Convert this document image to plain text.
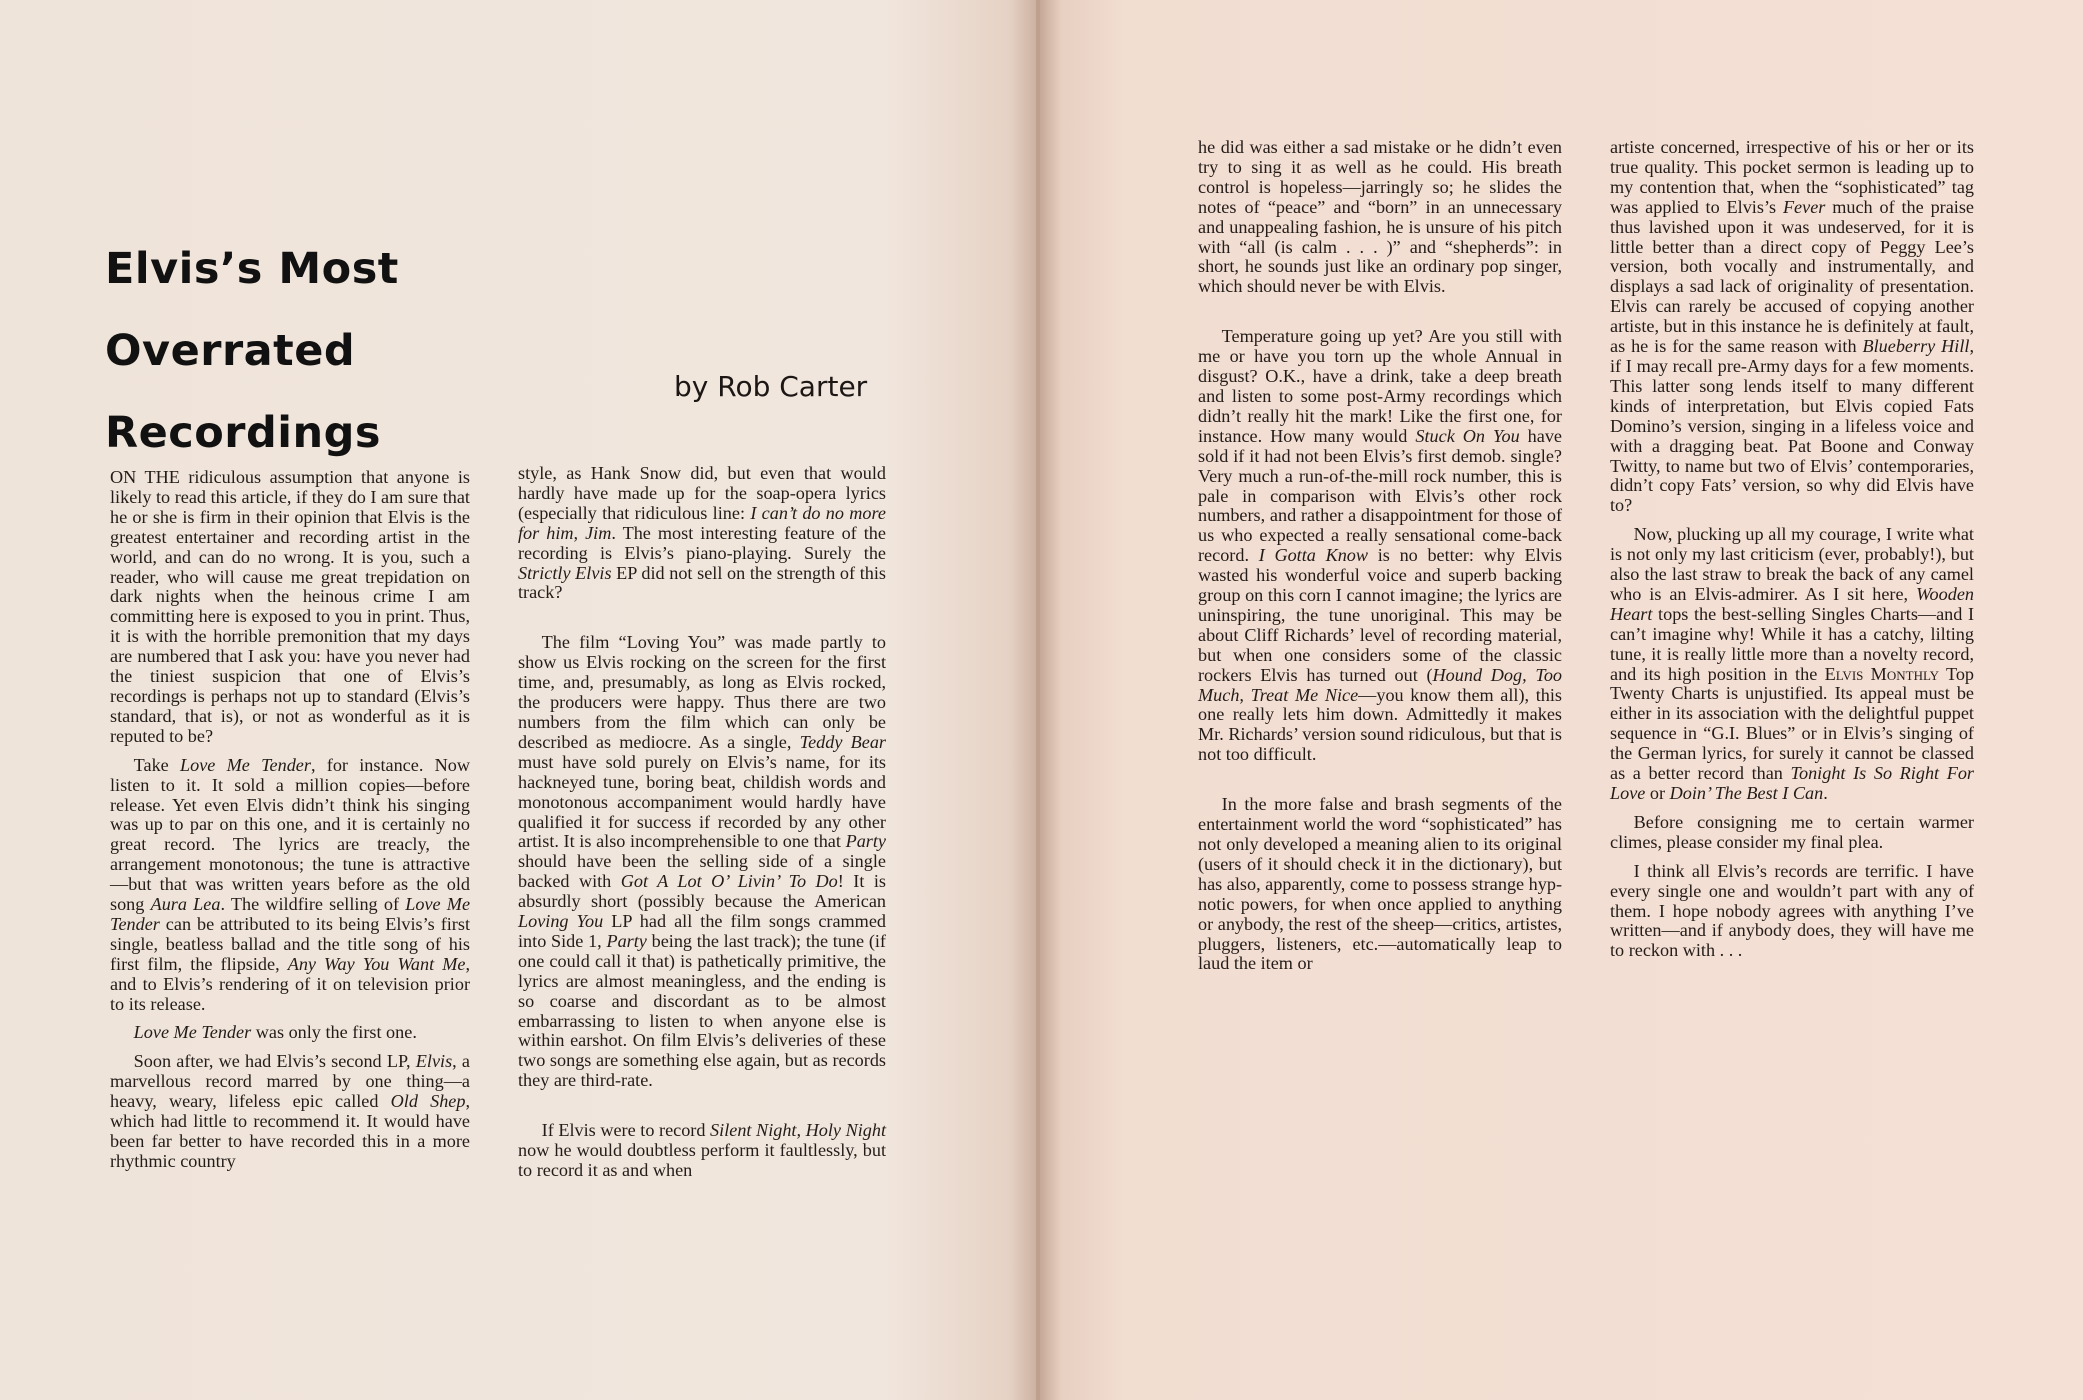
Elvis’s Most
Overrated
Recordings
by Rob Carter

ON THE ridiculous assumption that anyone is likely to read this article, if they do I am sure that he or she is firm in their opinion that Elvis is the greatest entertainer and recording artist in the world, and can do no wrong. It is you, such a reader, who will cause me great trepidation on dark nights when the heinous crime I am committing here is exposed to you in print. Thus, it is with the horrible premonition that my days are numbered that I ask you: have you never had the tiniest suspicion that one of Elvis’s recordings is perhaps not up to standard (Elvis’s standard, that is), or not as wonderful as it is reputed to be?

Take Love Me Tender, for instance. Now listen to it. It sold a million copies—before release. Yet even Elvis didn’t think his singing was up to par on this one, and it is certainly no great record. The lyrics are treacly, the arrangement monotonous; the tune is attractive—but that was written years before as the old song Aura Lea. The wildfire selling of Love Me Tender can be attributed to its being Elvis’s first single, beatless ballad and the title song of his first film, the flipside, Any Way You Want Me, and to Elvis’s rendering of it on television prior to its release.

Love Me Tender was only the first one.

Soon after, we had Elvis’s second LP, Elvis, a marvellous record marred by one thing—a heavy, weary, lifeless epic called Old Shep, which had little to recommend it. It would have been far better to have recorded this in a more rhythmic country

style, as Hank Snow did, but even that would hardly have made up for the soap-opera lyrics (especially that ridiculous line: I can’t do no more for him, Jim. The most interesting feature of the recording is Elvis’s piano-playing. Surely the Strictly Elvis EP did not sell on the strength of this track?

The film “Loving You” was made partly to show us Elvis rocking on the screen for the first time, and, presumably, as long as Elvis rocked, the producers were happy. Thus there are two numbers from the film which can only be described as mediocre. As a single, Teddy Bear must have sold purely on Elvis’s name, for its hackneyed tune, boring beat, childish words and monotonous accompaniment would hardly have qualified it for success if recorded by any other artist. It is also incomprehensible to one that Party should have been the selling side of a single backed with Got A Lot O’ Livin’ To Do! It is absurdly short (possibly because the American Loving You LP had all the film songs crammed into Side 1, Party being the last track); the tune (if one could call it that) is pathetically primitive, the lyrics are almost meaningless, and the ending is so coarse and discordant as to be almost embarrassing to listen to when anyone else is within earshot. On film Elvis’s deliveries of these two songs are something else again, but as records they are third-rate.

If Elvis were to record Silent Night, Holy Night now he would doubtless perform it faultlessly, but to record it as and when

he did was either a sad mistake or he didn’t even try to sing it as well as he could. His breath control is hopeless—jarringly so; he slides the notes of “peace” and “born” in an unnecessary and unappealing fashion, he is unsure of his pitch with “all (is calm . . . )” and “shepherds”: in short, he sounds just like an ordinary pop singer, which should never be with Elvis.

Temperature going up yet? Are you still with me or have you torn up the whole Annual in disgust? O.K., have a drink, take a deep breath and listen to some post-Army recordings which didn’t really hit the mark! Like the first one, for instance. How many would Stuck On You have sold if it had not been Elvis’s first demob. single? Very much a run-of-the-mill rock number, this is pale in comparison with Elvis’s other rock numbers, and rather a disappointment for those of us who expected a really sensational come-back record. I Gotta Know is no better: why Elvis wasted his wonderful voice and superb backing group on this corn I cannot imagine; the lyrics are uninspiring, the tune unoriginal. This may be about Cliff Richards’ level of recording material, but when one considers some of the classic rockers Elvis has turned out (Hound Dog, Too Much, Treat Me Nice—you know them all), this one really lets him down. Admittedly it makes Mr. Richards’ version sound ridiculous, but that is not too difficult.

In the more false and brash segments of the entertainment world the word “sophisticated” has not only developed a meaning alien to its original (users of it should check it in the dictionary), but has also, apparently, come to possess strange hypnotic powers, for when once applied to anything or anybody, the rest of the sheep—critics, artistes, pluggers, listeners, etc.—automatically leap to laud the item or

artiste concerned, irrespective of his or her or its true quality. This pocket sermon is leading up to my contention that, when the “sophisticated” tag was applied to Elvis’s Fever much of the praise thus lavished upon it was undeserved, for it is little better than a direct copy of Peggy Lee’s version, both vocally and instrumentally, and displays a sad lack of originality of presentation. Elvis can rarely be accused of copying another artiste, but in this instance he is definitely at fault, as he is for the same reason with Blueberry Hill, if I may recall pre-Army days for a few moments. This latter song lends itself to many different kinds of interpretation, but Elvis copied Fats Domino’s version, singing in a lifeless voice and with a dragging beat. Pat Boone and Conway Twitty, to name but two of Elvis’ contemporaries, didn’t copy Fats’ version, so why did Elvis have to?

Now, plucking up all my courage, I write what is not only my last criticism (ever, probably!), but also the last straw to break the back of any camel who is an Elvis-admirer. As I sit here, Wooden Heart tops the best-selling Singles Charts—and I can’t imagine why! While it has a catchy, lilting tune, it is really little more than a novelty record, and its high position in the Elvis Monthly Top Twenty Charts is unjustified. Its appeal must be either in its association with the delightful puppet sequence in “G.I. Blues” or in Elvis’s singing of the German lyrics, for surely it cannot be classed as a better record than Tonight Is So Right For Love or Doin’ The Best I Can.

Before consigning me to certain warmer climes, please consider my final plea.

I think all Elvis’s records are terrific. I have every single one and wouldn’t part with any of them. I hope nobody agrees with anything I’ve written—and if anybody does, they will have me to reckon with . . .
